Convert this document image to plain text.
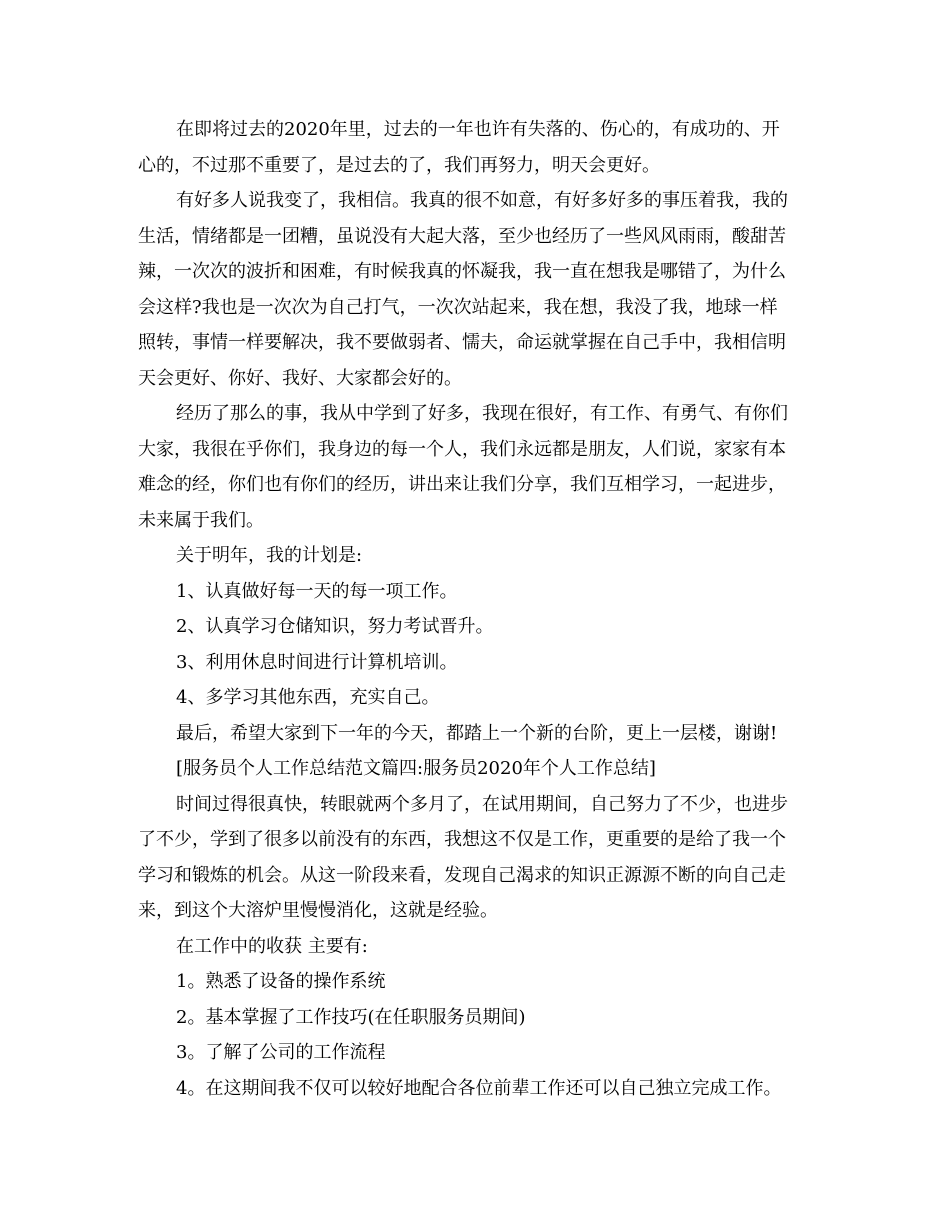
在即将过去的2020年里，过去的一年也许有失落的、伤心的，有成功的、开
心的，不过那不重要了，是过去的了，我们再努力，明天会更好。
有好多人说我变了，我相信。我真的很不如意，有好多好多的事压着我，我的
生活，情绪都是一团糟，虽说没有大起大落，至少也经历了一些风风雨雨，酸甜苦
辣，一次次的波折和困难，有时候我真的怀凝我，我一直在想我是哪错了，为什么
会这样?我也是一次次为自己打气，一次次站起来，我在想，我没了我，地球一样
照转，事情一样要解决，我不要做弱者、懦夫，命运就掌握在自己手中，我相信明
天会更好、你好、我好、大家都会好的。
经历了那么的事，我从中学到了好多，我现在很好，有工作、有勇气、有你们
大家，我很在乎你们，我身边的每一个人，我们永远都是朋友，人们说，家家有本
难念的经，你们也有你们的经历，讲出来让我们分享，我们互相学习，一起进步，
未来属于我们。
关于明年，我的计划是:
1、认真做好每一天的每一项工作。
2、认真学习仓储知识，努力考试晋升。
3、利用休息时间进行计算机培训。
4、多学习其他东西，充实自己。
最后，希望大家到下一年的今天，都踏上一个新的台阶，更上一层楼，谢谢!
[服务员个人工作总结范文篇四:服务员2020年个人工作总结]
时间过得很真快，转眼就两个多月了，在试用期间，自己努力了不少，也进步
了不少，学到了很多以前没有的东西，我想这不仅是工作，更重要的是给了我一个
学习和锻炼的机会。从这一阶段来看，发现自己渴求的知识正源源不断的向自己走
来，到这个大溶炉里慢慢消化，这就是经验。
在工作中的收获 主要有:
1。熟悉了设备的操作系统
2。基本掌握了工作技巧(在任职服务员期间)
3。了解了公司的工作流程
4。在这期间我不仅可以较好地配合各位前辈工作还可以自己独立完成工作。
